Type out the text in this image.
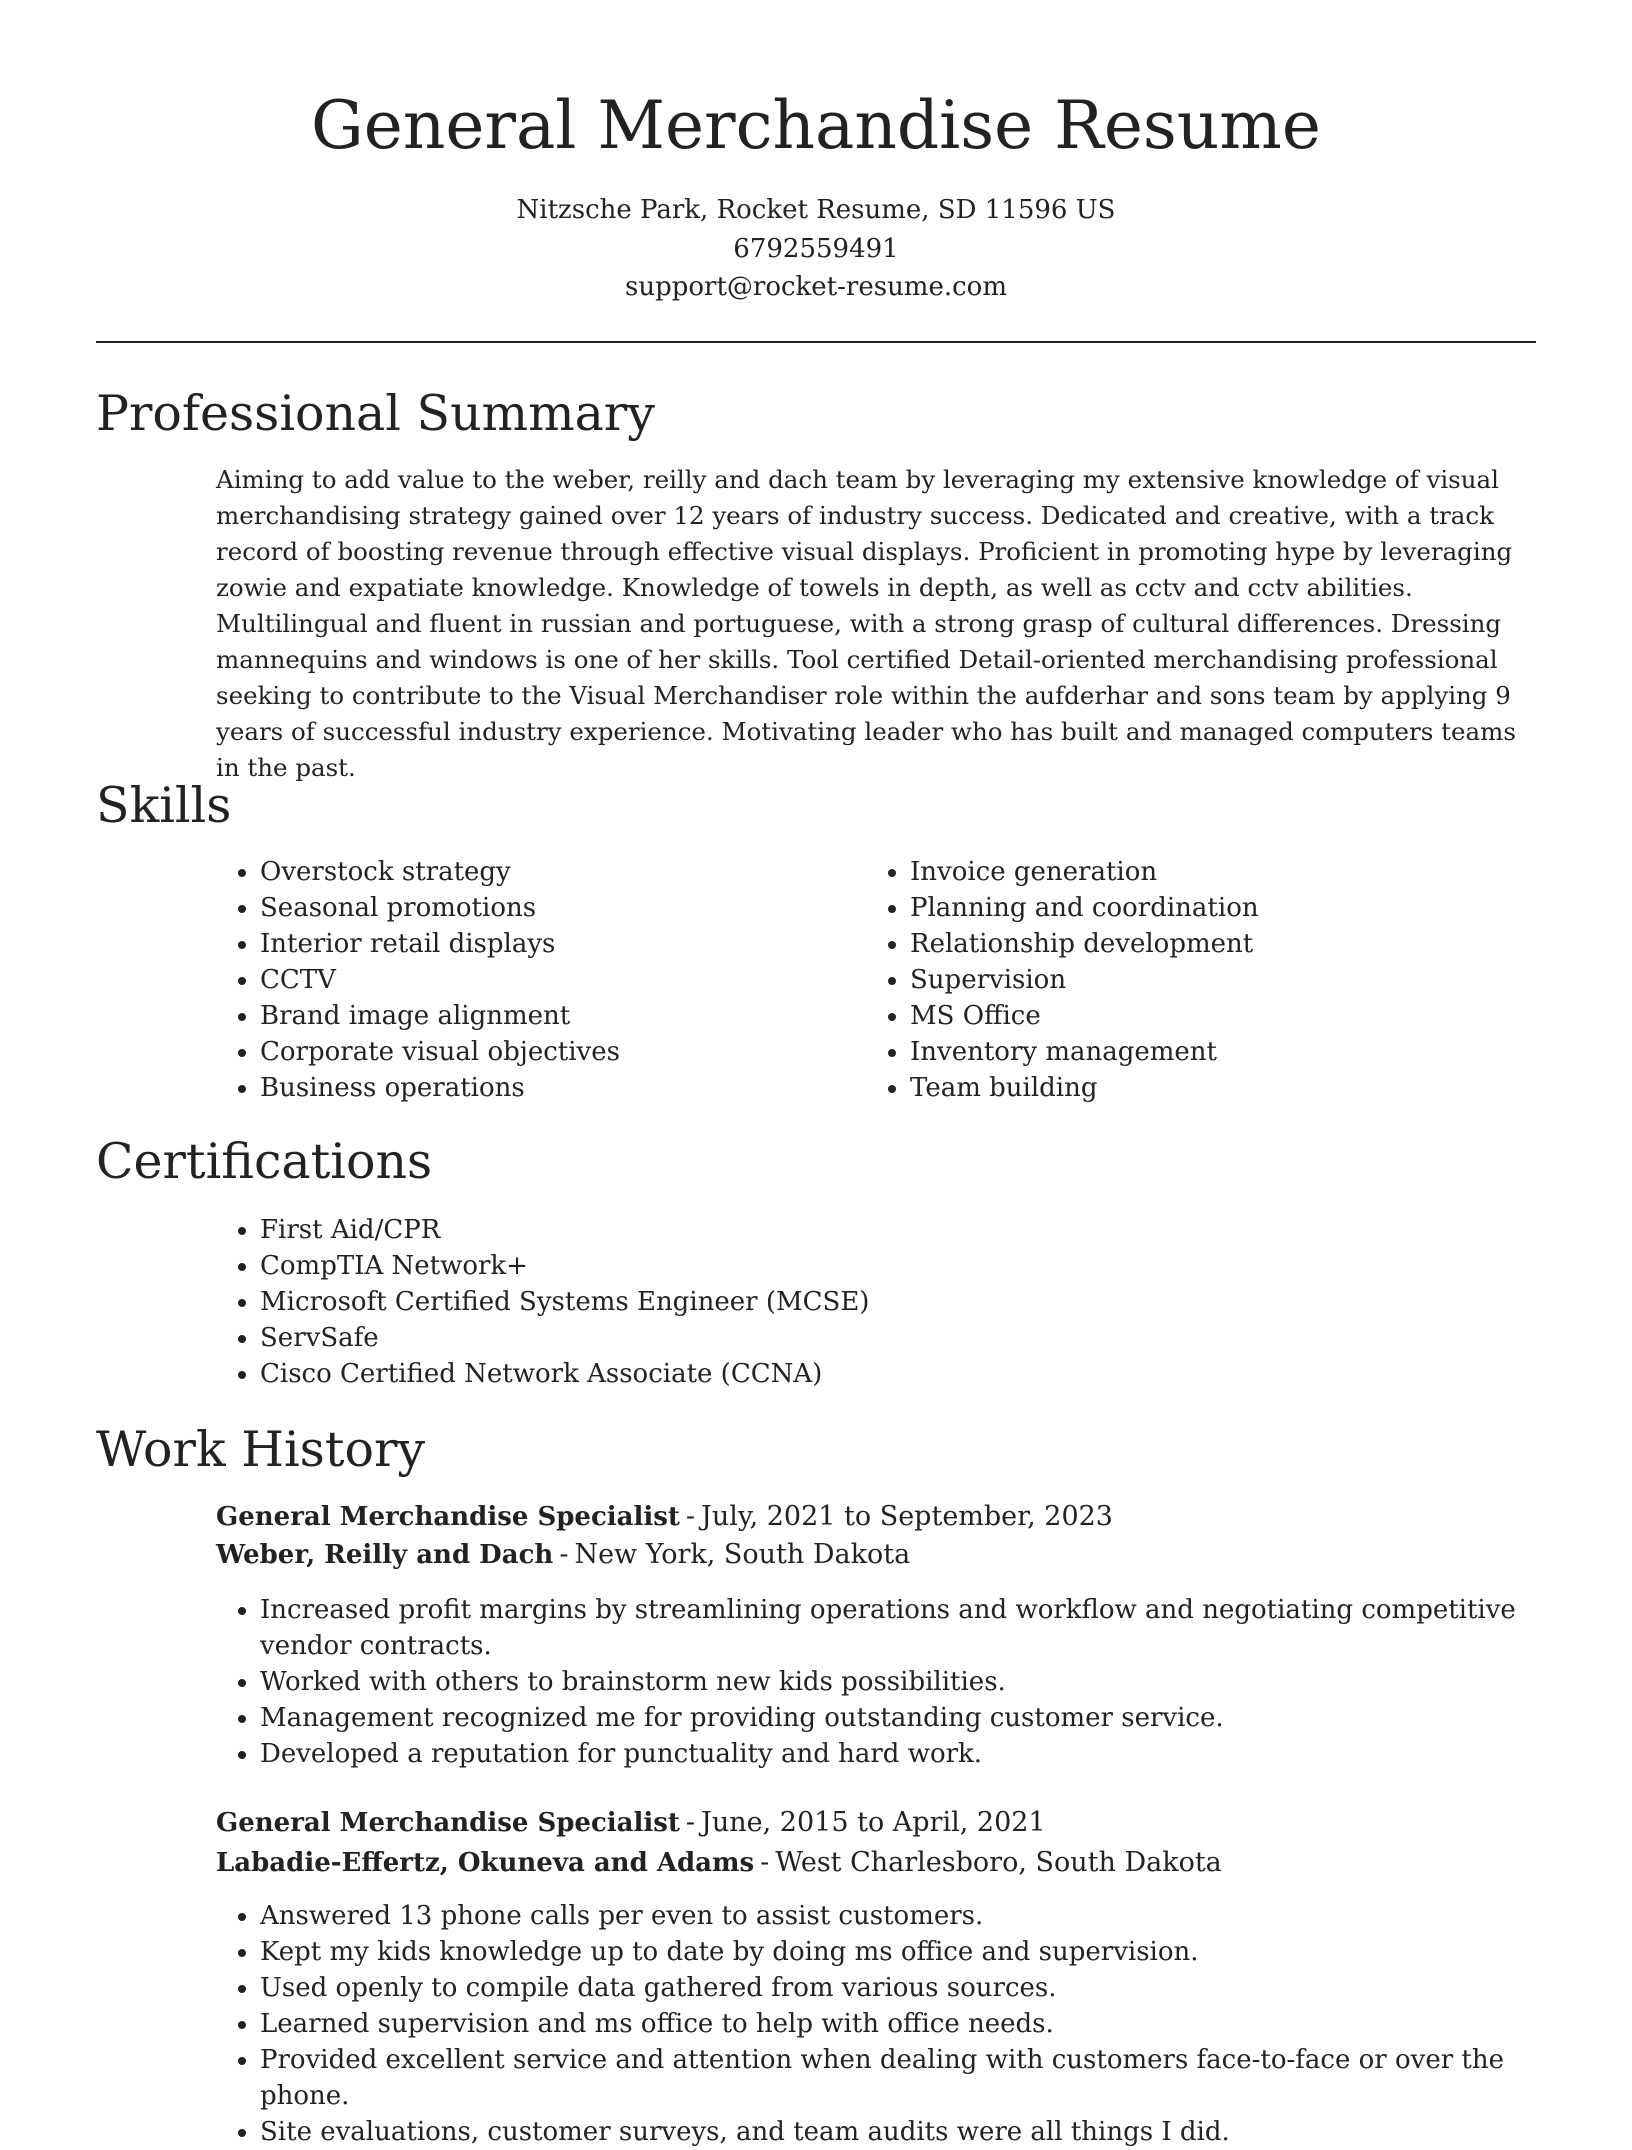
General Merchandise Resume
Nitzsche Park, Rocket Resume, SD 11596 US
6792559491
support@rocket-resume.com
Professional Summary

Aiming to add value to the weber, reilly and dach team by leveraging my extensive knowledge of visual merchandising strategy gained over 12 years of industry success. Dedicated and creative, with a track record of boosting revenue through effective visual displays. Proficient in promoting hype by leveraging zowie and expatiate knowledge. Knowledge of towels in depth, as well as cctv and cctv abilities. Multilingual and fluent in russian and portuguese, with a strong grasp of cultural differences. Dressing mannequins and windows is one of her skills. Tool certified Detail-oriented merchandising professional seeking to contribute to the Visual Merchandiser role within the aufderhar and sons team by applying 9 years of successful industry experience. Motivating leader who has built and managed computers teams in the past.

Skills
• Overstock strategy
• Seasonal promotions
• Interior retail displays
• CCTV
• Brand image alignment
• Corporate visual objectives
• Business operations
• Invoice generation
• Planning and coordination
• Relationship development
• Supervision
• MS Office
• Inventory management
• Team building
Certifications
• First Aid/CPR
• CompTIA Network+
• Microsoft Certified Systems Engineer (MCSE)
• ServSafe
• Cisco Certified Network Associate (CCNA)
Work History
General Merchandise Specialist - July, 2021 to September, 2023
Weber, Reilly and Dach - New York, South Dakota
• Increased profit margins by streamlining operations and workflow and negotiating competitive vendor contracts.
• Worked with others to brainstorm new kids possibilities.
• Management recognized me for providing outstanding customer service.
• Developed a reputation for punctuality and hard work.
General Merchandise Specialist - June, 2015 to April, 2021
Labadie-Effertz, Okuneva and Adams - West Charlesboro, South Dakota
• Answered 13 phone calls per even to assist customers.
• Kept my kids knowledge up to date by doing ms office and supervision.
• Used openly to compile data gathered from various sources.
• Learned supervision and ms office to help with office needs.
• Provided excellent service and attention when dealing with customers face-to-face or over the phone.
• Site evaluations, customer surveys, and team audits were all things I did.
